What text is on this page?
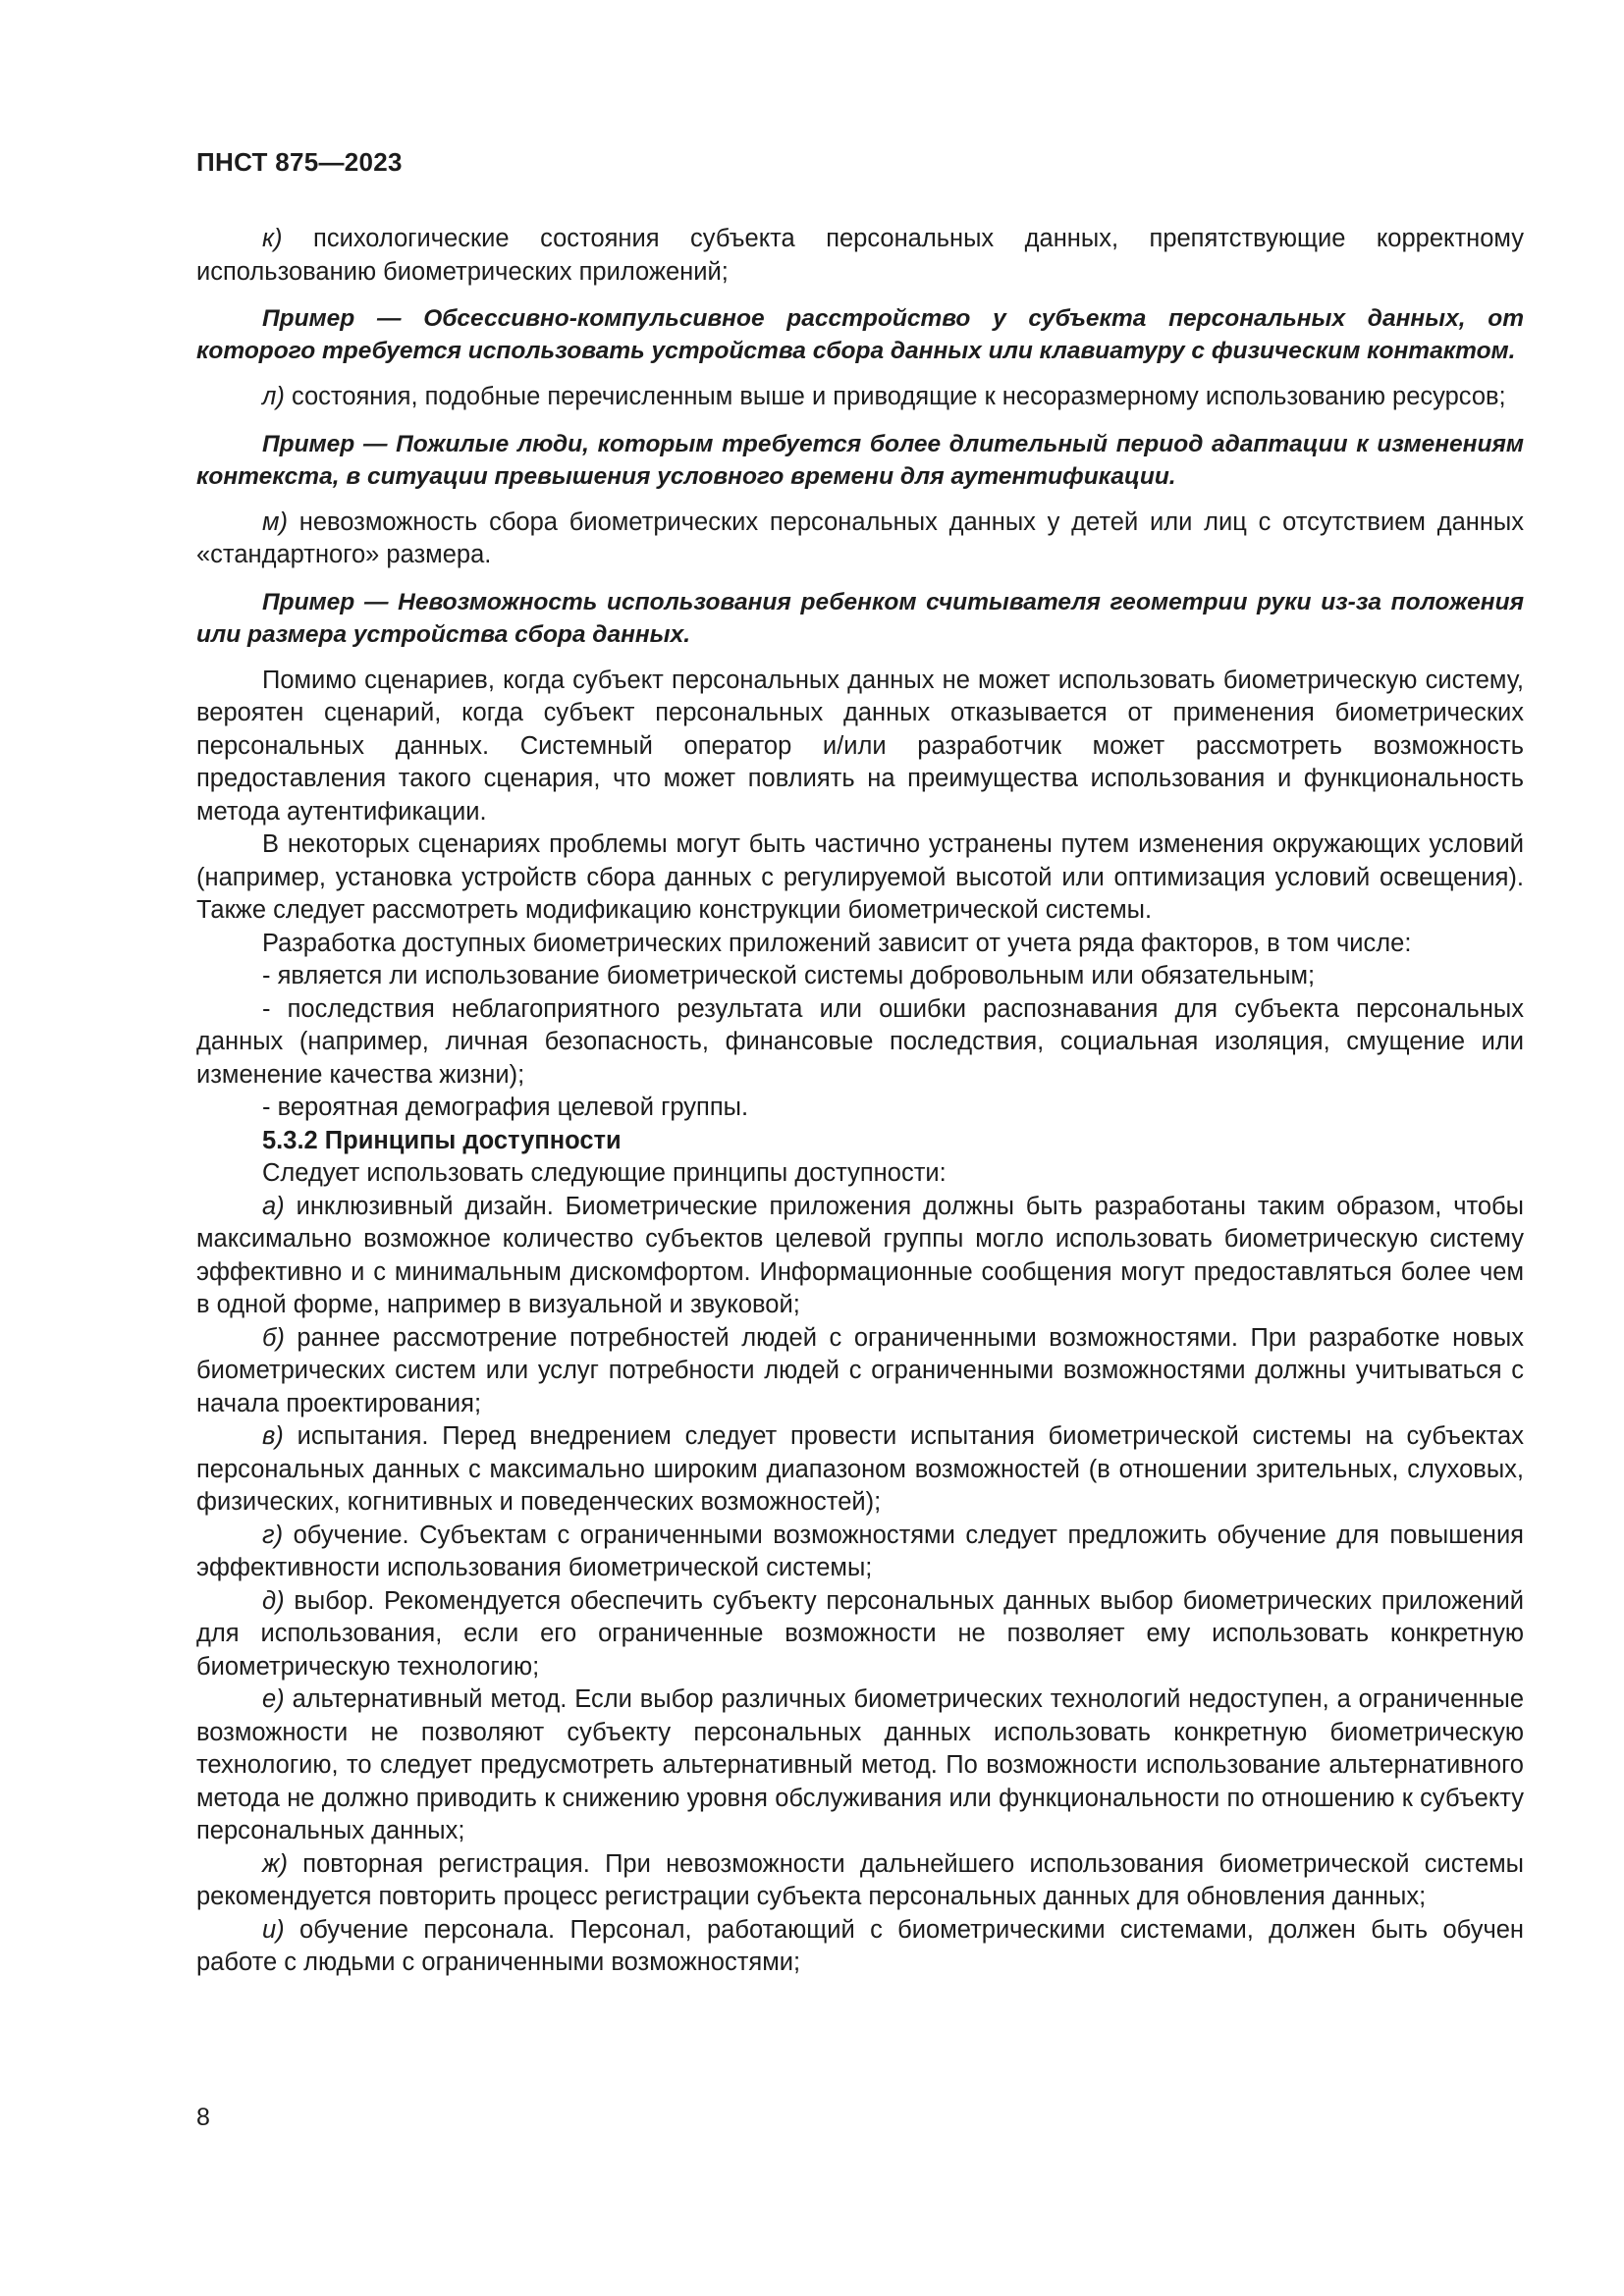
ПНСТ 875—2023

к) психологические состояния субъекта персональных данных, препятствующие корректному использованию биометрических приложений;

Пример — Обсессивно-компульсивное расстройство у субъекта персональных данных, от которого требуется использовать устройства сбора данных или клавиатуру с физическим контактом.

л) состояния, подобные перечисленным выше и приводящие к несоразмерному использованию ресурсов;

Пример — Пожилые люди, которым требуется более длительный период адаптации к изменениям контекста, в ситуации превышения условного времени для аутентификации.

м) невозможность сбора биометрических персональных данных у детей или лиц с отсутствием данных «стандартного» размера.

Пример — Невозможность использования ребенком считывателя геометрии руки из-за положения или размера устройства сбора данных.

Помимо сценариев, когда субъект персональных данных не может использовать биометрическую систему, вероятен сценарий, когда субъект персональных данных отказывается от применения биометрических персональных данных. Системный оператор и/или разработчик может рассмотреть возможность предоставления такого сценария, что может повлиять на преимущества использования и функциональность метода аутентификации.

В некоторых сценариях проблемы могут быть частично устранены путем изменения окружающих условий (например, установка устройств сбора данных с регулируемой высотой или оптимизация условий освещения). Также следует рассмотреть модификацию конструкции биометрической системы.

Разработка доступных биометрических приложений зависит от учета ряда факторов, в том числе:

- является ли использование биометрической системы добровольным или обязательным;

- последствия неблагоприятного результата или ошибки распознавания для субъекта персональных данных (например, личная безопасность, финансовые последствия, социальная изоляция, смущение или изменение качества жизни);

- вероятная демография целевой группы.

5.3.2 Принципы доступности

Следует использовать следующие принципы доступности:

а) инклюзивный дизайн. Биометрические приложения должны быть разработаны таким образом, чтобы максимально возможное количество субъектов целевой группы могло использовать биометрическую систему эффективно и с минимальным дискомфортом. Информационные сообщения могут предоставляться более чем в одной форме, например в визуальной и звуковой;

б) раннее рассмотрение потребностей людей с ограниченными возможностями. При разработке новых биометрических систем или услуг потребности людей с ограниченными возможностями должны учитываться с начала проектирования;

в) испытания. Перед внедрением следует провести испытания биометрической системы на субъектах персональных данных с максимально широким диапазоном возможностей (в отношении зрительных, слуховых, физических, когнитивных и поведенческих возможностей);

г) обучение. Субъектам с ограниченными возможностями следует предложить обучение для повышения эффективности использования биометрической системы;

д) выбор. Рекомендуется обеспечить субъекту персональных данных выбор биометрических приложений для использования, если его ограниченные возможности не позволяет ему использовать конкретную биометрическую технологию;

е) альтернативный метод. Если выбор различных биометрических технологий недоступен, а ограниченные возможности не позволяют субъекту персональных данных использовать конкретную биометрическую технологию, то следует предусмотреть альтернативный метод. По возможности использование альтернативного метода не должно приводить к снижению уровня обслуживания или функциональности по отношению к субъекту персональных данных;

ж) повторная регистрация. При невозможности дальнейшего использования биометрической системы рекомендуется повторить процесс регистрации субъекта персональных данных для обновления данных;

и) обучение персонала. Персонал, работающий с биометрическими системами, должен быть обучен работе с людьми с ограниченными возможностями;

8
